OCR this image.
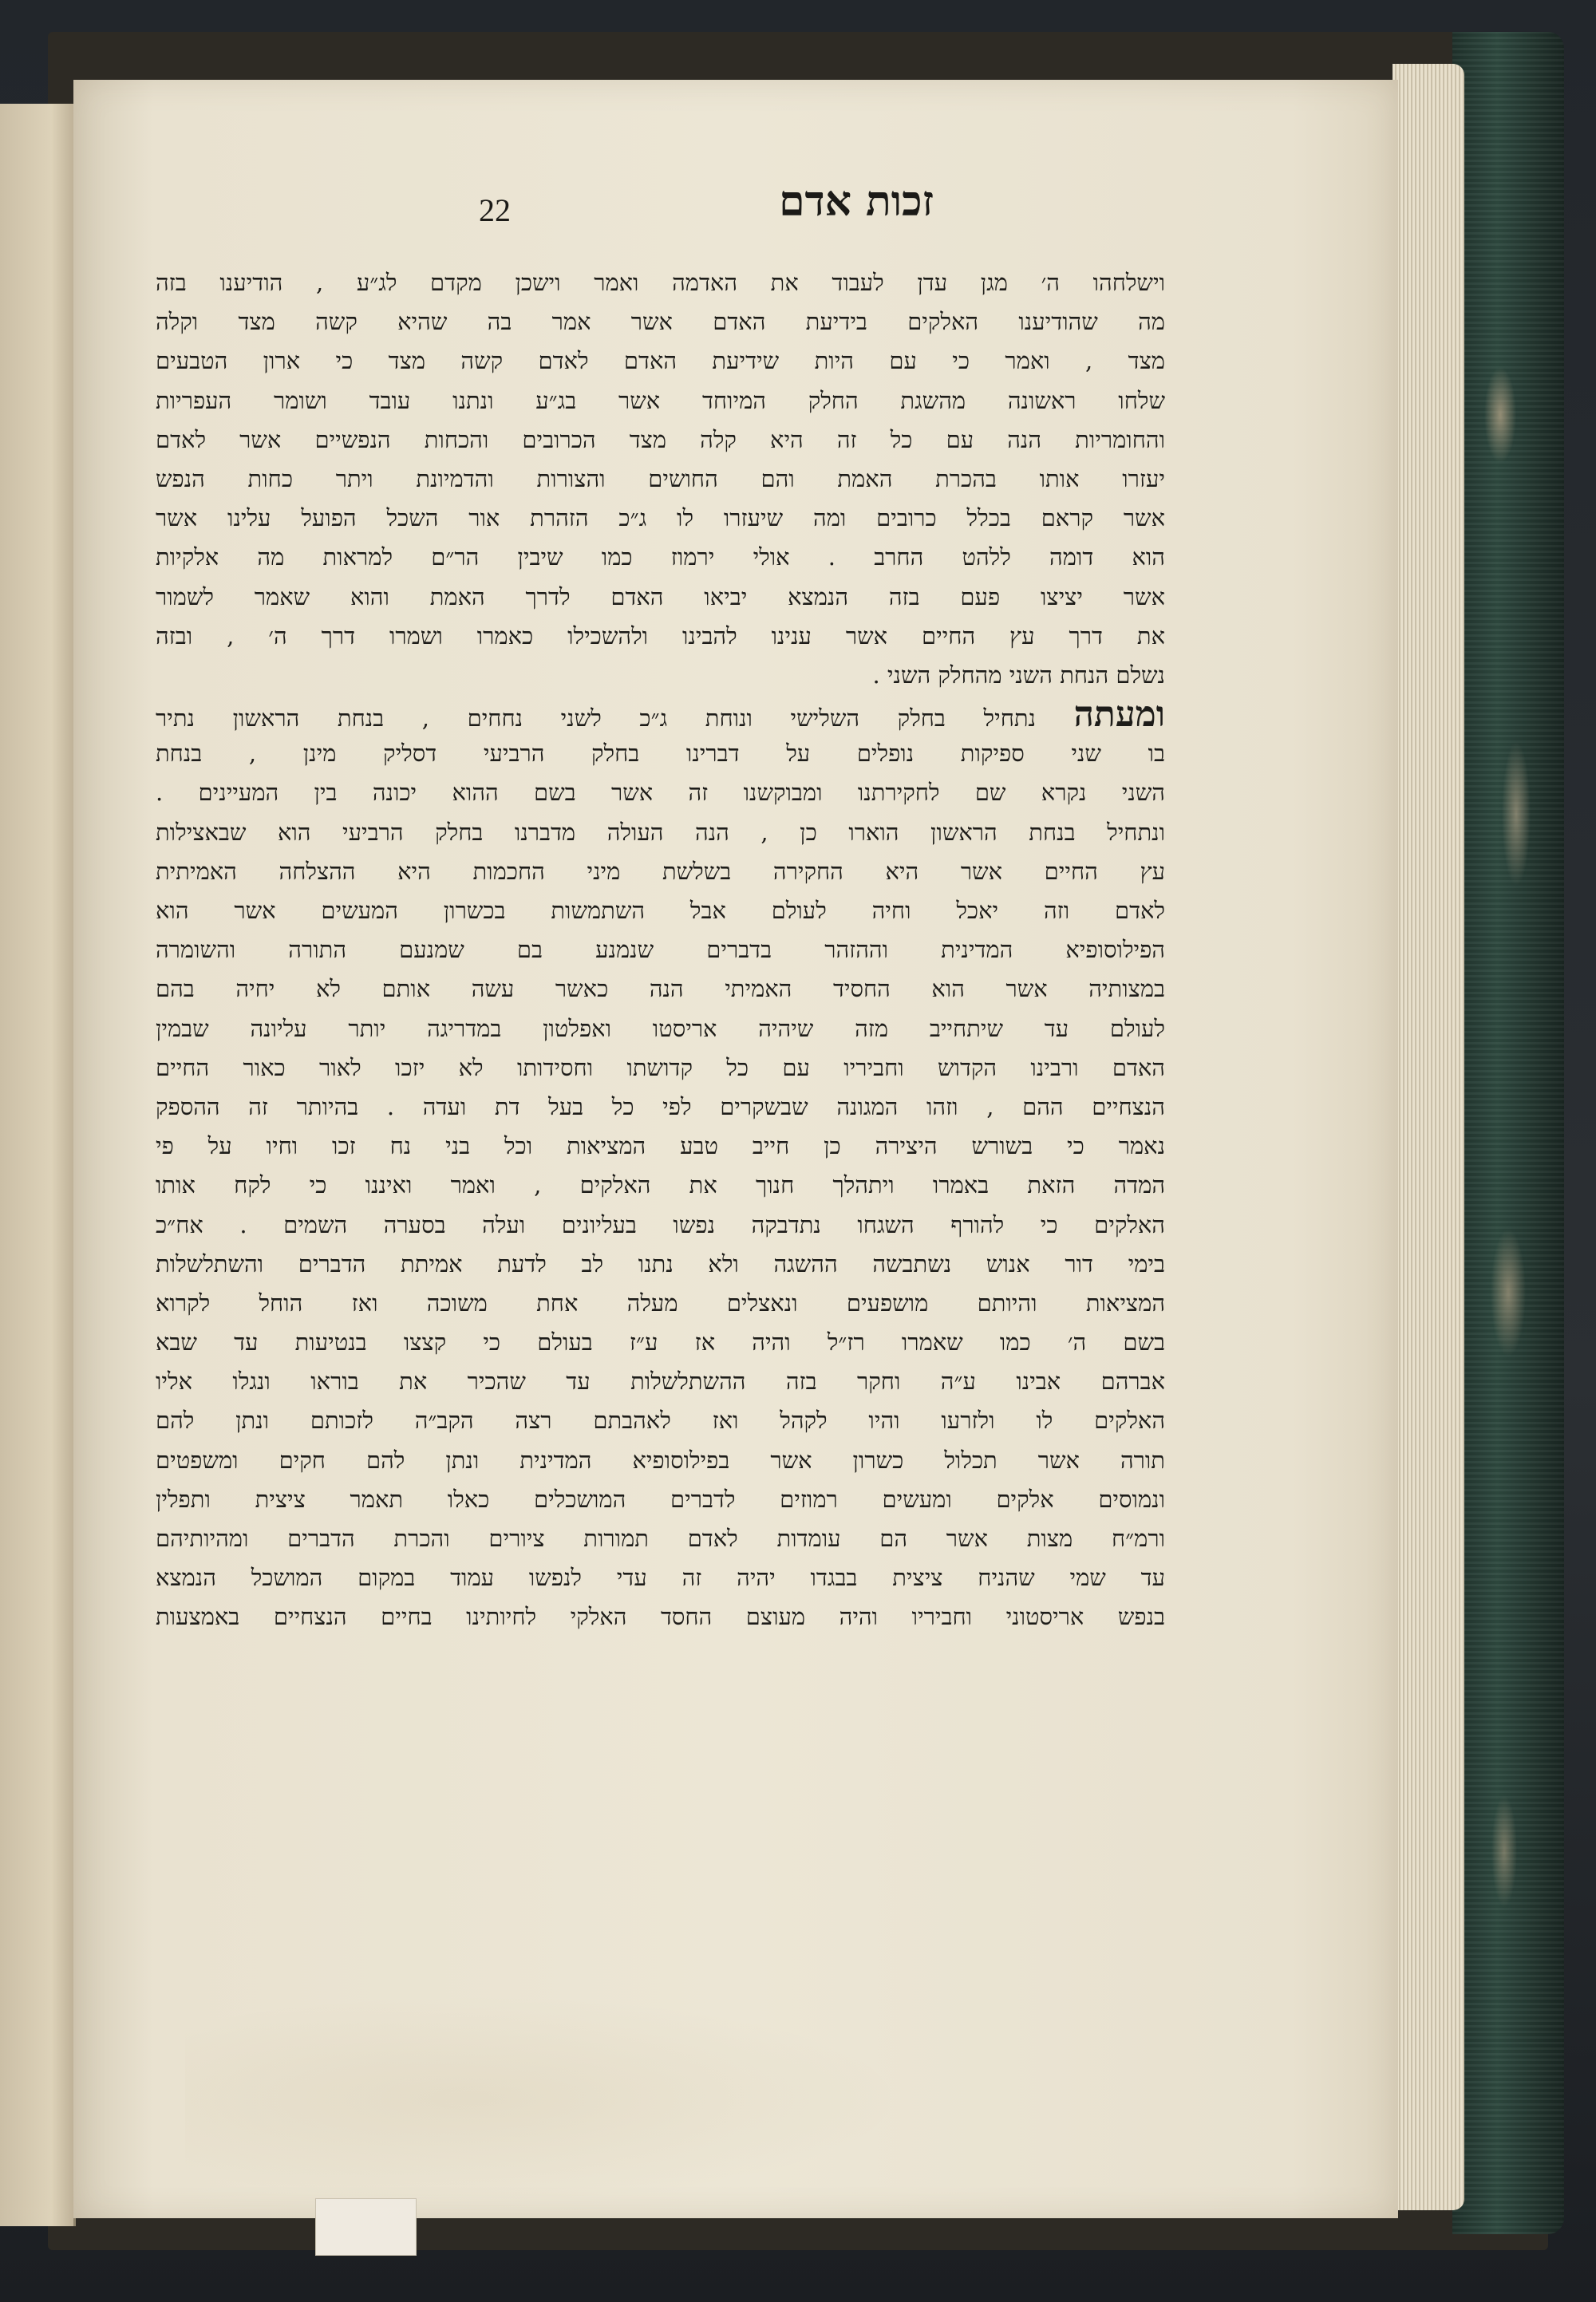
זכות אדם
22
וישלחהו ה׳ מגן עדן לעבוד את האדמה ואמר וישכן מקדם לג״ע , הודיענו בזה
מה שהודיענו האלקים בידיעת האדם אשר אמר בה שהיא קשה מצד וקלה
מצד , ואמר כי עם היות שידיעת האדם לאדם קשה מצד כי ארון הטבעים
שלחו ראשונה מהשגת החלק המיוחד אשר בג״ע ונתנו עובד ושומר העפריות
והחומריות הנה עם כל זה היא קלה מצד הכרובים והכחות הנפשיים אשר לאדם
יעזרו אותו בהכרת האמת והם החושים והצורות והדמיונת ויתר כחות הנפש
אשר קראם בכלל כרובים ומה שיעזרו לו ג״כ הזהרת אור השכל הפועל עלינו אשר
הוא דומה ללהט החרב . אולי ירמוז כמו שיבין הר״ם למראות מה אלקיות
אשר יציצו פעם בזה הנמצא יביאו האדם לדרך האמת והוא שאמר לשמור
את דרך עץ החיים אשר ענינו להבינו ולהשכילו כאמרו ושמרו דרך ה׳ , ובזה
נשלם הנחת השני מהחלק השני .
ומעתה נתחיל בחלק השלישי ונוחת ג״כ לשני נחחים , בנחת הראשון נתיר
בו שני ספיקות נופלים על דברינו בחלק הרביעי דסליק מינן , בנחת
השני נקרא שם לחקירתנו ומבוקשנו זה אשר בשם ההוא יכונה בין המעיינים .
ונתחיל בנחת הראשון הוארו כן , הנה העולה מדברנו בחלק הרביעי הוא שבאצילות
עץ החיים אשר היא החקירה בשלשת מיני החכמות היא ההצלחה האמיתית
לאדם וזה יאכל וחיה לעולם אבל השתמשות בכשרון המעשים אשר הוא
הפילוסופיא המדינית וההזהר בדברים שנמנע בם שמנעם התורה והשומרה
במצותיה אשר הוא החסיד האמיתי הנה כאשר עשה אותם לא יחיה בהם
לעולם עד שיתחייב מזה שיהיה אריסטו ואפלטון במדריגה יותר עליונה שבמין
האדם ורבינו הקדוש וחביריו עם כל קדושתו וחסידותו לא יזכו לאור כאור החיים
הנצחיים ההם , וזהו המגונה שבשקרים לפי כל בעל דת ועדה . בהיותר זה ההספק
נאמר כי בשורש היצירה כן חייב טבע המציאות וכל בני נח זכו וחיו על פי
המדה הזאת באמרו ויתהלך חנוך את האלקים , ואמר ואיננו כי לקח אותו
האלקים כי להורף השגחו נתדבקה נפשו בעליונים ועלה בסערה השמים . אח״כ
בימי דור אנוש נשתבשה ההשגה ולא נתנו לב לדעת אמיתת הדברים והשתלשלות
המציאות והיותם מושפעים ונאצלים מעלה אחת משוכה ואז הוחל לקרוא
בשם ה׳ כמו שאמרו רז״ל והיה אז ע״ז בעולם כי קצצו בנטיעות עד שבא
אברהם אבינו ע״ה וחקר בזה ההשתלשלות עד שהכיר את בוראו ונגלו אליו
האלקים לו ולזרעו והיו לקהל ואז לאהבתם רצה הקב״ה לזכותם ונתן להם
תורה אשר תכלול כשרון אשר בפילוסופיא המדינית ונתן להם חקים ומשפטים
ונמוסים אלקים ומעשים רמוזים לדברים המושכלים כאלו תאמר ציצית ותפלין
ורמ״ח מצות אשר הם עומדות לאדם תמורות ציורים והכרת הדברים ומהיותיהם
עד שמי שהניח ציצית בבגדו יהיה זה עדי לנפשו עמוד במקום המושכל הנמצא
בנפש אריסטוני וחביריו והיה מעוצם החסד האלקי לחיותינו בחיים הנצחיים באמצעות
